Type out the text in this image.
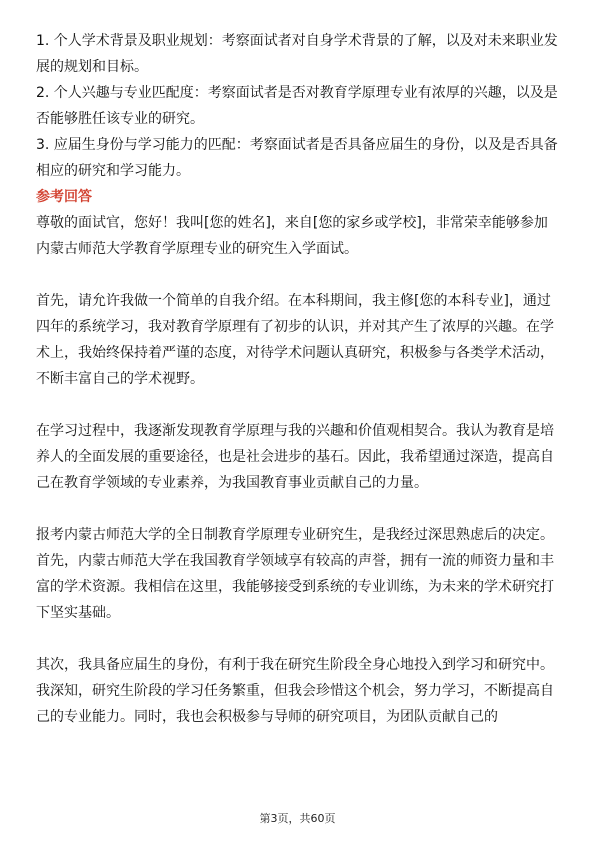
1. 个人学术背景及职业规划：考察面试者对自身学术背景的了解，以及对未来职业发展的规划和目标。

2. 个人兴趣与专业匹配度：考察面试者是否对教育学原理专业有浓厚的兴趣，以及是否能够胜任该专业的研究。

3. 应届生身份与学习能力的匹配：考察面试者是否具备应届生的身份，以及是否具备相应的研究和学习能力。

参考回答

尊敬的面试官，您好！我叫[您的姓名]，来自[您的家乡或学校]，非常荣幸能够参加内蒙古师范大学教育学原理专业的研究生入学面试。

首先，请允许我做一个简单的自我介绍。在本科期间，我主修[您的本科专业]，通过四年的系统学习，我对教育学原理有了初步的认识，并对其产生了浓厚的兴趣。在学术上，我始终保持着严谨的态度，对待学术问题认真研究，积极参与各类学术活动，不断丰富自己的学术视野。

在学习过程中，我逐渐发现教育学原理与我的兴趣和价值观相契合。我认为教育是培养人的全面发展的重要途径，也是社会进步的基石。因此，我希望通过深造，提高自己在教育学领域的专业素养，为我国教育事业贡献自己的力量。

报考内蒙古师范大学的全日制教育学原理专业研究生，是我经过深思熟虑后的决定。首先，内蒙古师范大学在我国教育学领域享有较高的声誉，拥有一流的师资力量和丰富的学术资源。我相信在这里，我能够接受到系统的专业训练，为未来的学术研究打下坚实基础。

其次，我具备应届生的身份，有利于我在研究生阶段全身心地投入到学习和研究中。我深知，研究生阶段的学习任务繁重，但我会珍惜这个机会，努力学习，不断提高自己的专业能力。同时，我也会积极参与导师的研究项目，为团队贡献自己的

第3页，共60页
